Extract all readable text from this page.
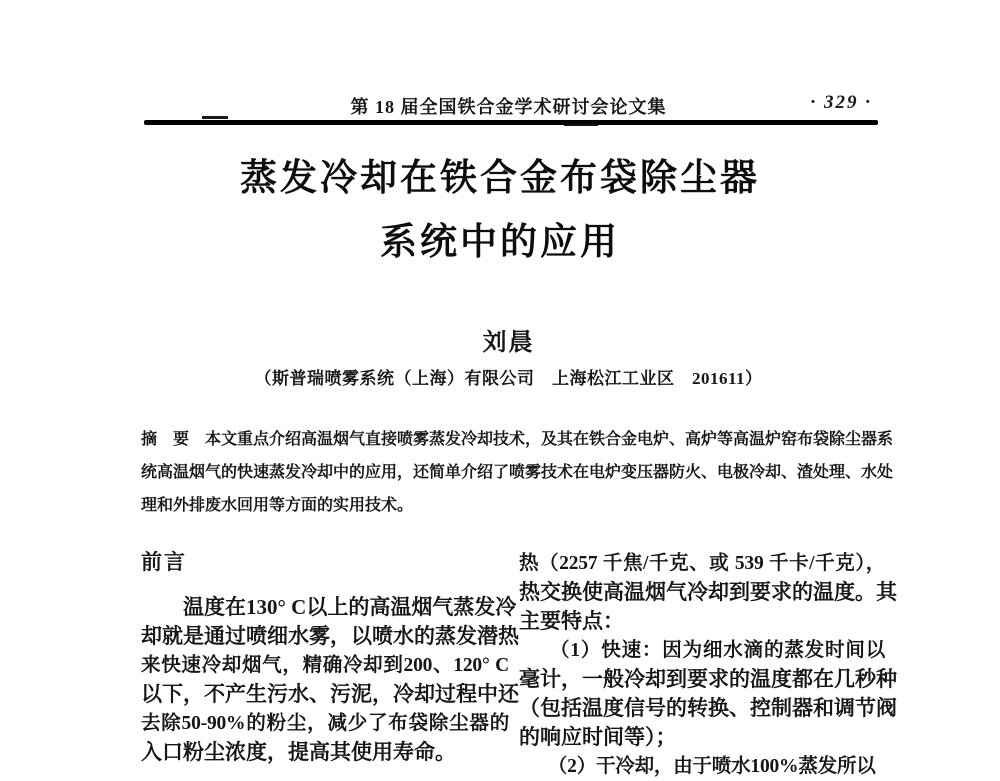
第 18 届全国铁合金学术研讨会论文集	· 329 ·
蒸发冷却在铁合金布袋除尘器
系统中的应用
刘晨
（斯普瑞喷雾系统（上海）有限公司　上海松江工业区　201611）
摘　要　本文重点介绍高温烟气直接喷雾蒸发冷却技术，及其在铁合金电炉、高炉等高温炉窑布袋除尘器系
统高温烟气的快速蒸发冷却中的应用，还简单介绍了喷雾技术在电炉变压器防火、电极冷却、渣处理、水处
理和外排废水回用等方面的实用技术。
前言
　　温度在130° C以上的高温烟气蒸发冷
却就是通过喷细水雾，以喷水的蒸发潜热
来快速冷却烟气，精确冷却到200、120° C
以下，不产生污水、污泥，冷却过程中还
去除50-90%的粉尘，减少了布袋除尘器的
入口粉尘浓度，提高其使用寿命。
热（2257 千焦/千克、或 539 千卡/千克），
热交换使高温烟气冷却到要求的温度。其
主要特点：
　　（1）快速：因为细水滴的蒸发时间以
毫计，一般冷却到要求的温度都在几秒种
（包括温度信号的转换、控制器和调节阀
的响应时间等）；
　　（2）干冷却，由于喷水100%蒸发所以
